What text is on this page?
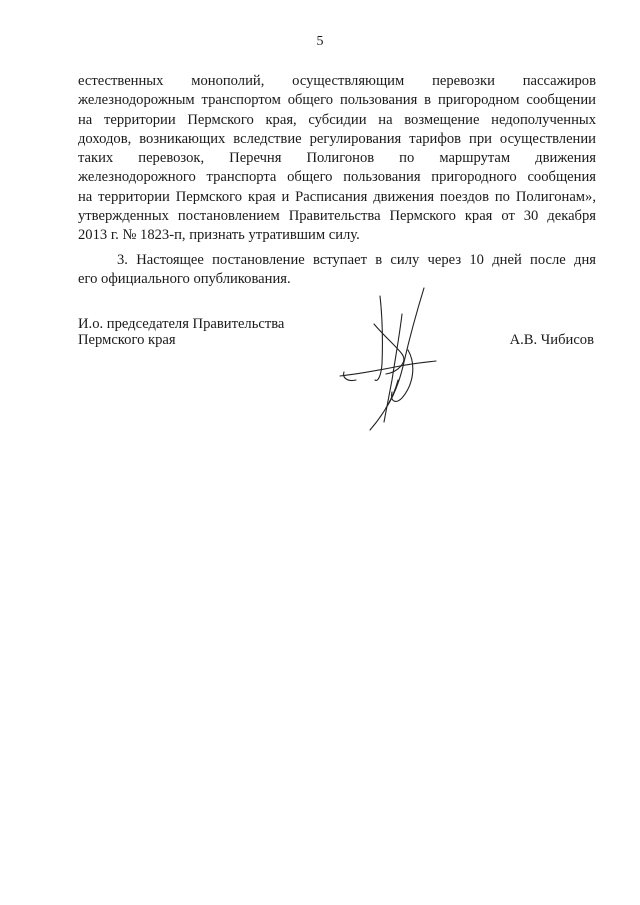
5
естественных монополий, осуществляющим перевозки пассажиров
железнодорожным транспортом общего пользования в пригородном сообщении
на территории Пермского края, субсидии на возмещение недополученных
доходов, возникающих вследствие регулирования тарифов при осуществлении
таких перевозок, Перечня Полигонов по маршрутам движения
железнодорожного транспорта общего пользования пригородного сообщения
на территории Пермского края и Расписания движения поездов по Полигонам»,
утвержденных постановлением Правительства Пермского края от 30 декабря
2013 г. № 1823-п, признать утратившим силу.
3. Настоящее постановление вступает в силу через 10 дней после дня
его официального опубликования.
И.о. председателя Правительства
Пермского края	А.В. Чибисов
